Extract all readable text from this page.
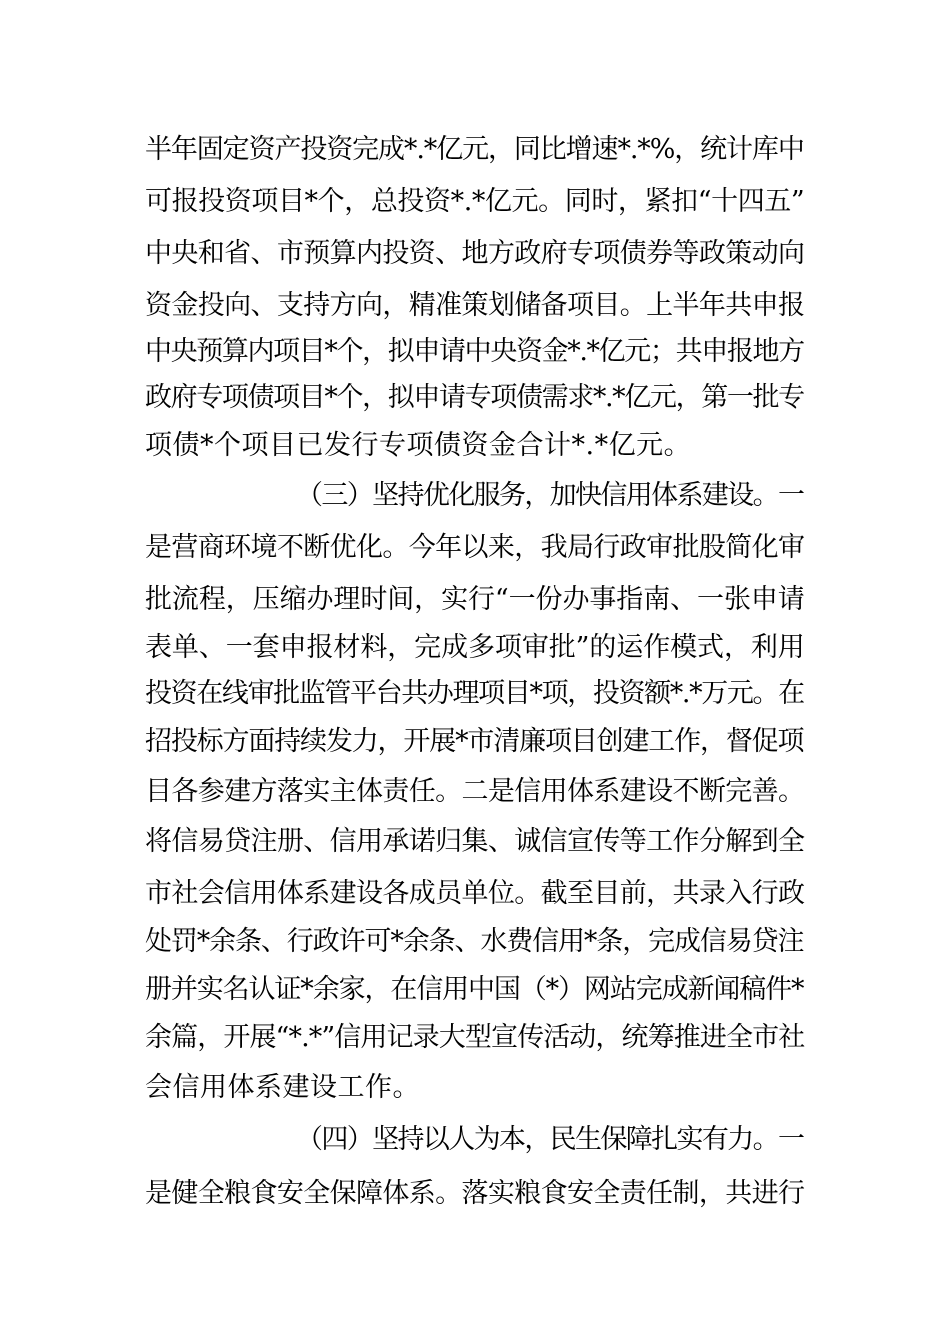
半年固定资产投资完成*.*亿元，同比增速*.*%，统计库中
可报投资项目*个，总投资*.*亿元。同时，紧扣“十四五”
中央和省、市预算内投资、地方政府专项债券等政策动向
资金投向、支持方向，精准策划储备项目。上半年共申报
中央预算内项目*个，拟申请中央资金*.*亿元；共申报地方
政府专项债项目*个，拟申请专项债需求*.*亿元，第一批专
项债*个项目已发行专项债资金合计*.*亿元。
（三）坚持优化服务，加快信用体系建设。一
是营商环境不断优化。今年以来，我局行政审批股简化审
批流程，压缩办理时间，实行“一份办事指南、一张申请
表单、一套申报材料，完成多项审批”的运作模式，利用
投资在线审批监管平台共办理项目*项，投资额*.*万元。在
招投标方面持续发力，开展*市清廉项目创建工作，督促项
目各参建方落实主体责任。二是信用体系建设不断完善。
将信易贷注册、信用承诺归集、诚信宣传等工作分解到全
市社会信用体系建设各成员单位。截至目前，共录入行政
处罚*余条、行政许可*余条、水费信用*条，完成信易贷注
册并实名认证*余家，在信用中国（*）网站完成新闻稿件*
余篇，开展“*.*”信用记录大型宣传活动，统筹推进全市社
会信用体系建设工作。
（四）坚持以人为本，民生保障扎实有力。一
是健全粮食安全保障体系。落实粮食安全责任制，共进行
